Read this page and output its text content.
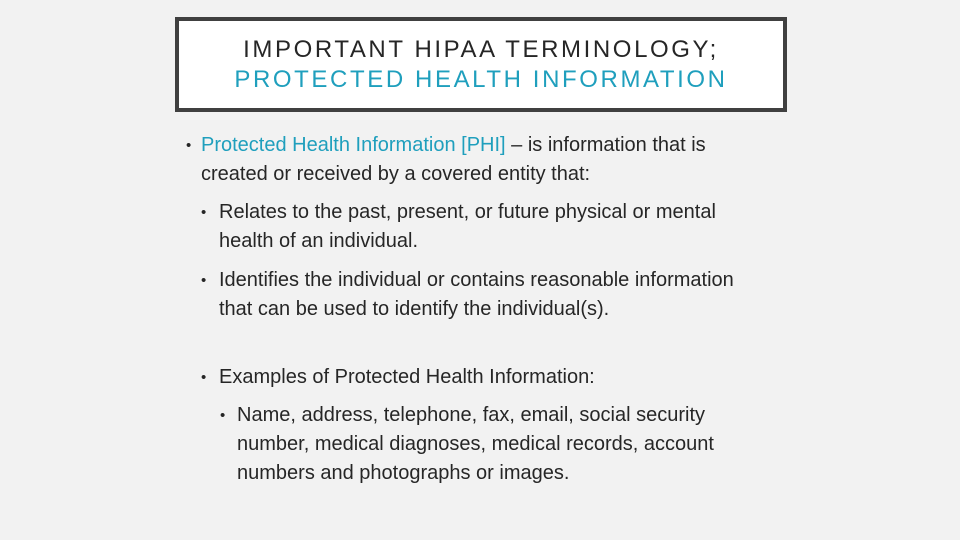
IMPORTANT HIPAA TERMINOLOGY;
PROTECTED HEALTH INFORMATION
• Protected Health Information [PHI] – is information that is created or received by a covered entity that:
• Relates to the past, present, or future physical or mental health of an individual.
• Identifies the individual or contains reasonable information that can be used to identify the individual(s).
• Examples of Protected Health Information:
• Name, address, telephone, fax, email, social security number, medical diagnoses, medical records, account numbers and photographs or images.
